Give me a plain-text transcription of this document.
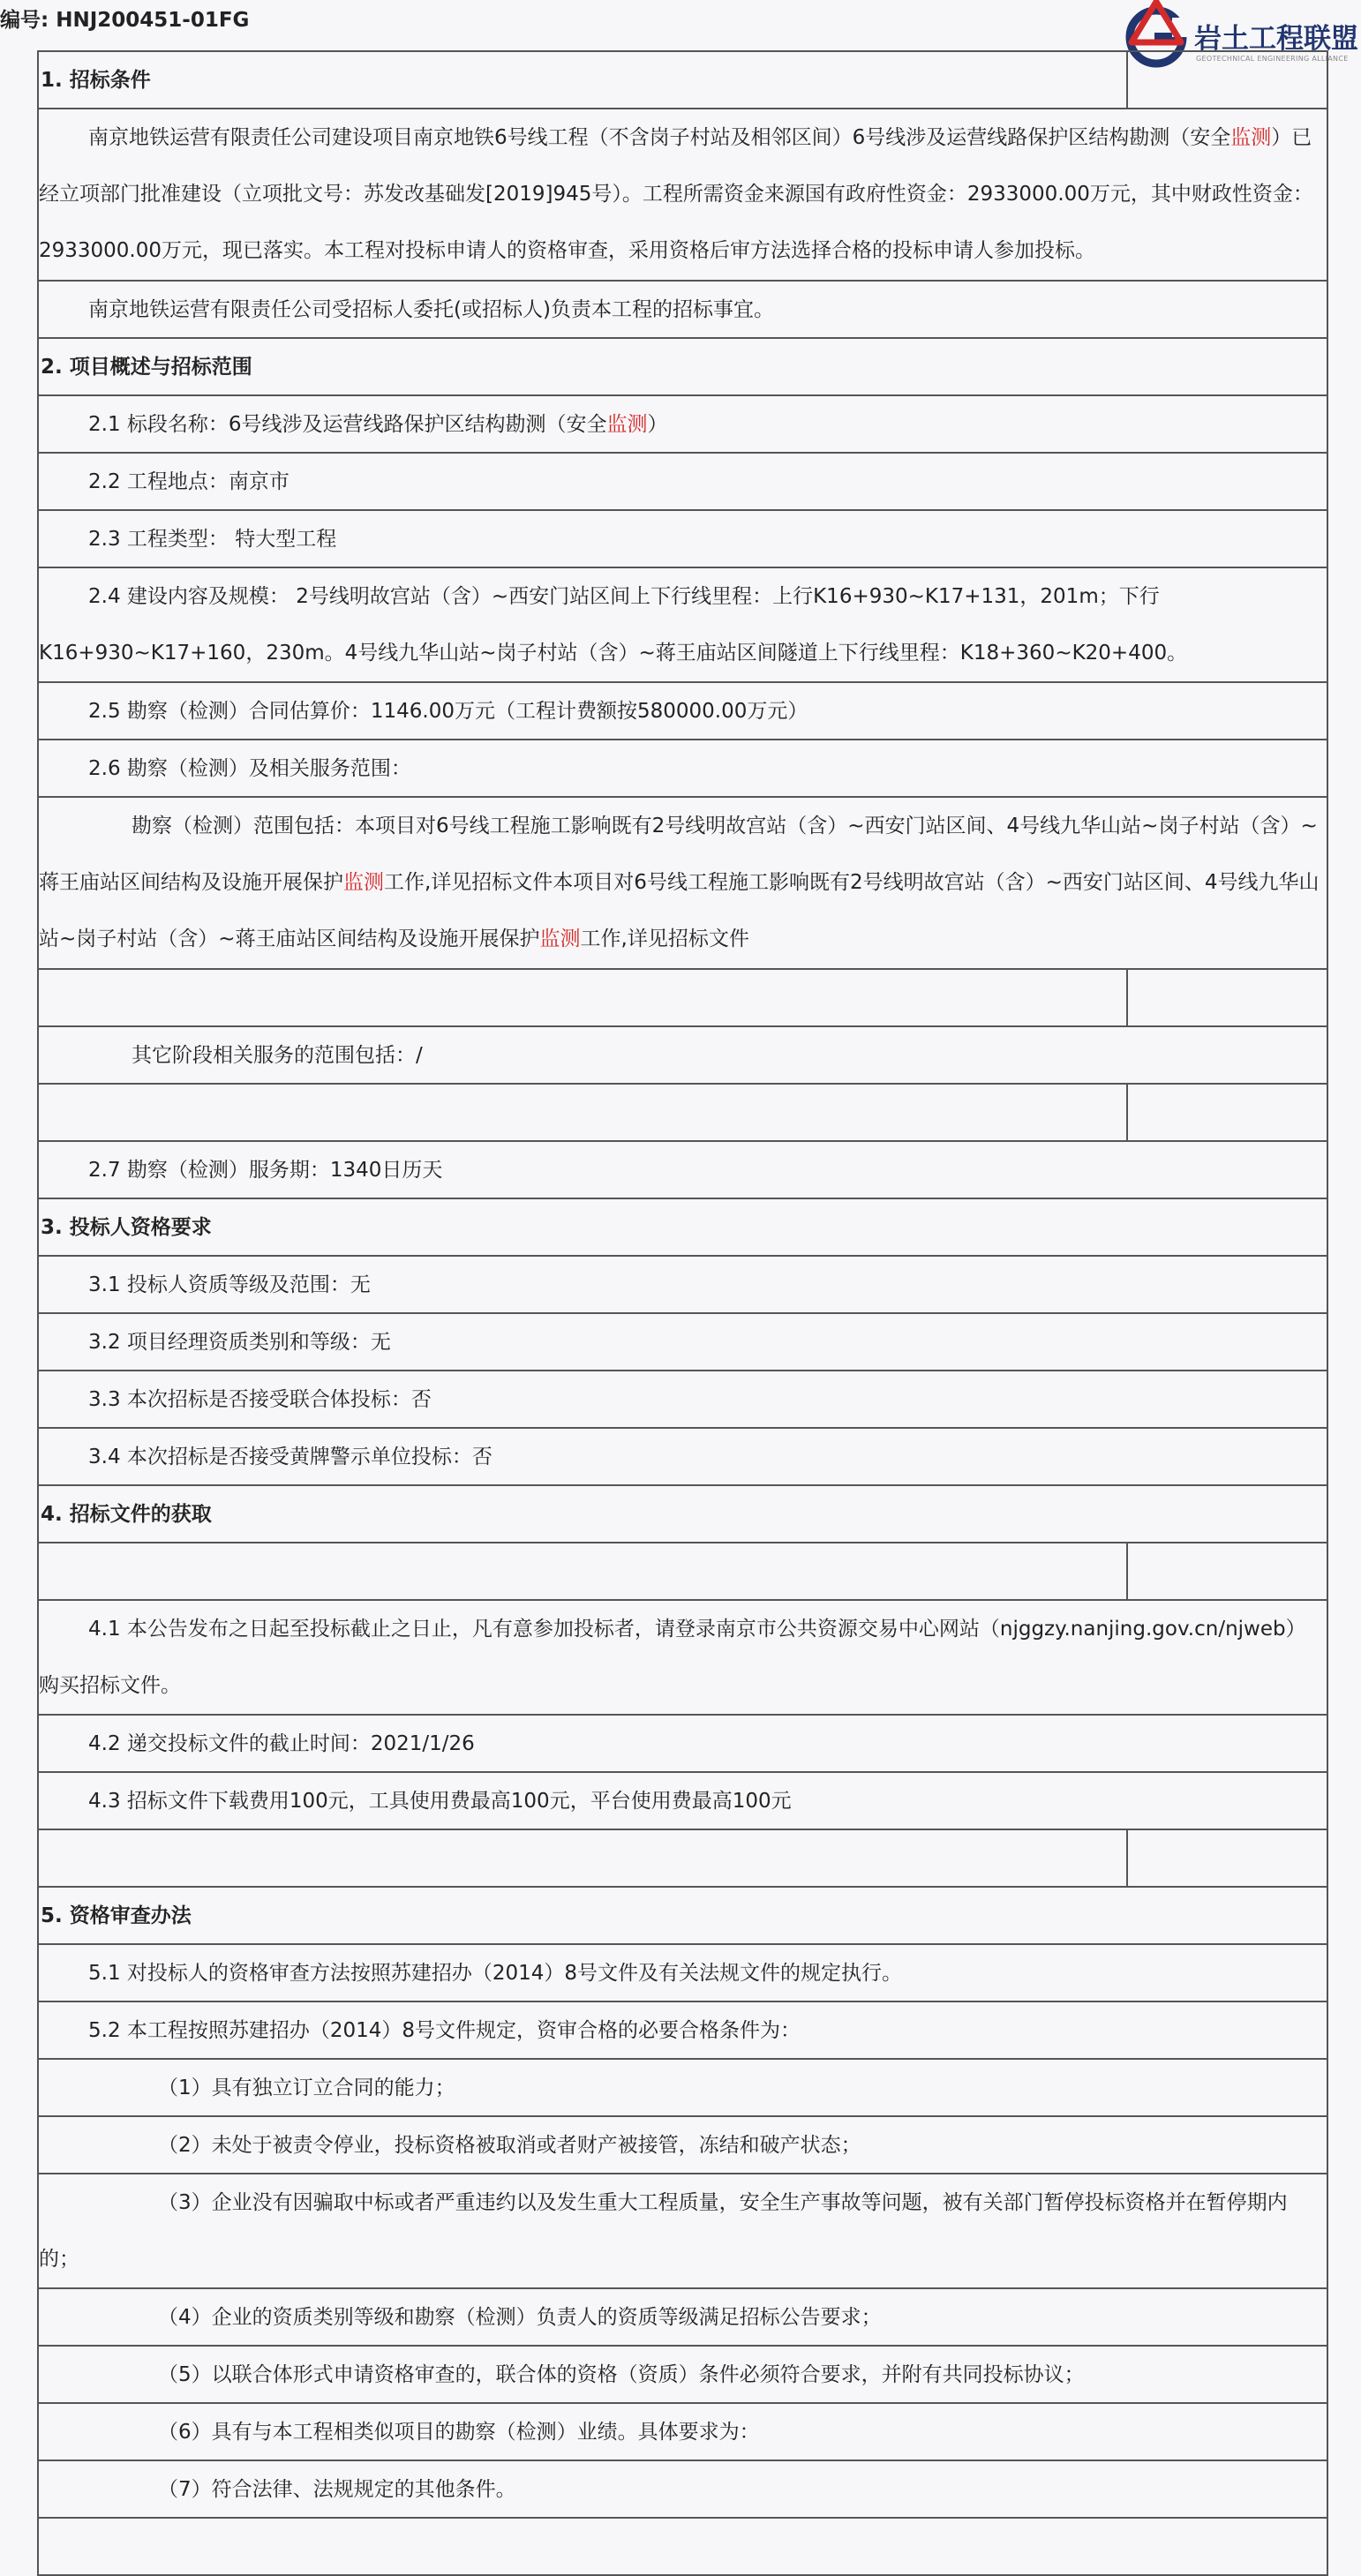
编号: HNJ200451-01FG
岩土工程联盟
GEOTECHNICAL ENGINEERING ALLIANCE
1. 招标条件
南京地铁运营有限责任公司建设项目南京地铁6号线工程（不含岗子村站及相邻区间）6号线涉及运营线路保护区结构勘测（安全监测）已经立项部门批准建设（立项批文号：苏发改基础发[2019]945号）。工程所需资金来源国有政府性资金：2933000.00万元，其中财政性资金：2933000.00万元，现已落实。本工程对投标申请人的资格审查，采用资格后审方法选择合格的投标申请人参加投标。
南京地铁运营有限责任公司受招标人委托(或招标人)负责本工程的招标事宜。
2. 项目概述与招标范围
2.1 标段名称：6号线涉及运营线路保护区结构勘测（安全监测）
2.2 工程地点：南京市
2.3 工程类型： 特大型工程
2.4 建设内容及规模： 2号线明故宫站（含）~西安门站区间上下行线里程：上行K16+930~K17+131，201m；下行K16+930~K17+160，230m。4号线九华山站~岗子村站（含）~蒋王庙站区间隧道上下行线里程：K18+360~K20+400。
2.5 勘察（检测）合同估算价：1146.00万元（工程计费额按580000.00万元）
2.6 勘察（检测）及相关服务范围：
勘察（检测）范围包括：本项目对6号线工程施工影响既有2号线明故宫站（含）~西安门站区间、4号线九华山站~岗子村站（含）~蒋王庙站区间结构及设施开展保护监测工作,详见招标文件本项目对6号线工程施工影响既有2号线明故宫站（含）~西安门站区间、4号线九华山站~岗子村站（含）~蒋王庙站区间结构及设施开展保护监测工作,详见招标文件
其它阶段相关服务的范围包括：/
2.7 勘察（检测）服务期：1340日历天
3. 投标人资格要求
3.1 投标人资质等级及范围：无
3.2 项目经理资质类别和等级：无
3.3 本次招标是否接受联合体投标：否
3.4 本次招标是否接受黄牌警示单位投标：否
4. 招标文件的获取
4.1 本公告发布之日起至投标截止之日止，凡有意参加投标者，请登录南京市公共资源交易中心网站（njggzy.nanjing.gov.cn/njweb）购买招标文件。
4.2 递交投标文件的截止时间：2021/1/26
4.3 招标文件下载费用100元，工具使用费最高100元，平台使用费最高100元
5. 资格审查办法
5.1 对投标人的资格审查方法按照苏建招办（2014）8号文件及有关法规文件的规定执行。
5.2 本工程按照苏建招办（2014）8号文件规定，资审合格的必要合格条件为：
（1）具有独立订立合同的能力；
（2）未处于被责令停业，投标资格被取消或者财产被接管，冻结和破产状态；
（3）企业没有因骗取中标或者严重违约以及发生重大工程质量，安全生产事故等问题，被有关部门暂停投标资格并在暂停期内的；
（4）企业的资质类别等级和勘察（检测）负责人的资质等级满足招标公告要求；
（5）以联合体形式申请资格审查的，联合体的资格（资质）条件必须符合要求，并附有共同投标协议；
（6）具有与本工程相类似项目的勘察（检测）业绩。具体要求为：
（7）符合法律、法规规定的其他条件。
